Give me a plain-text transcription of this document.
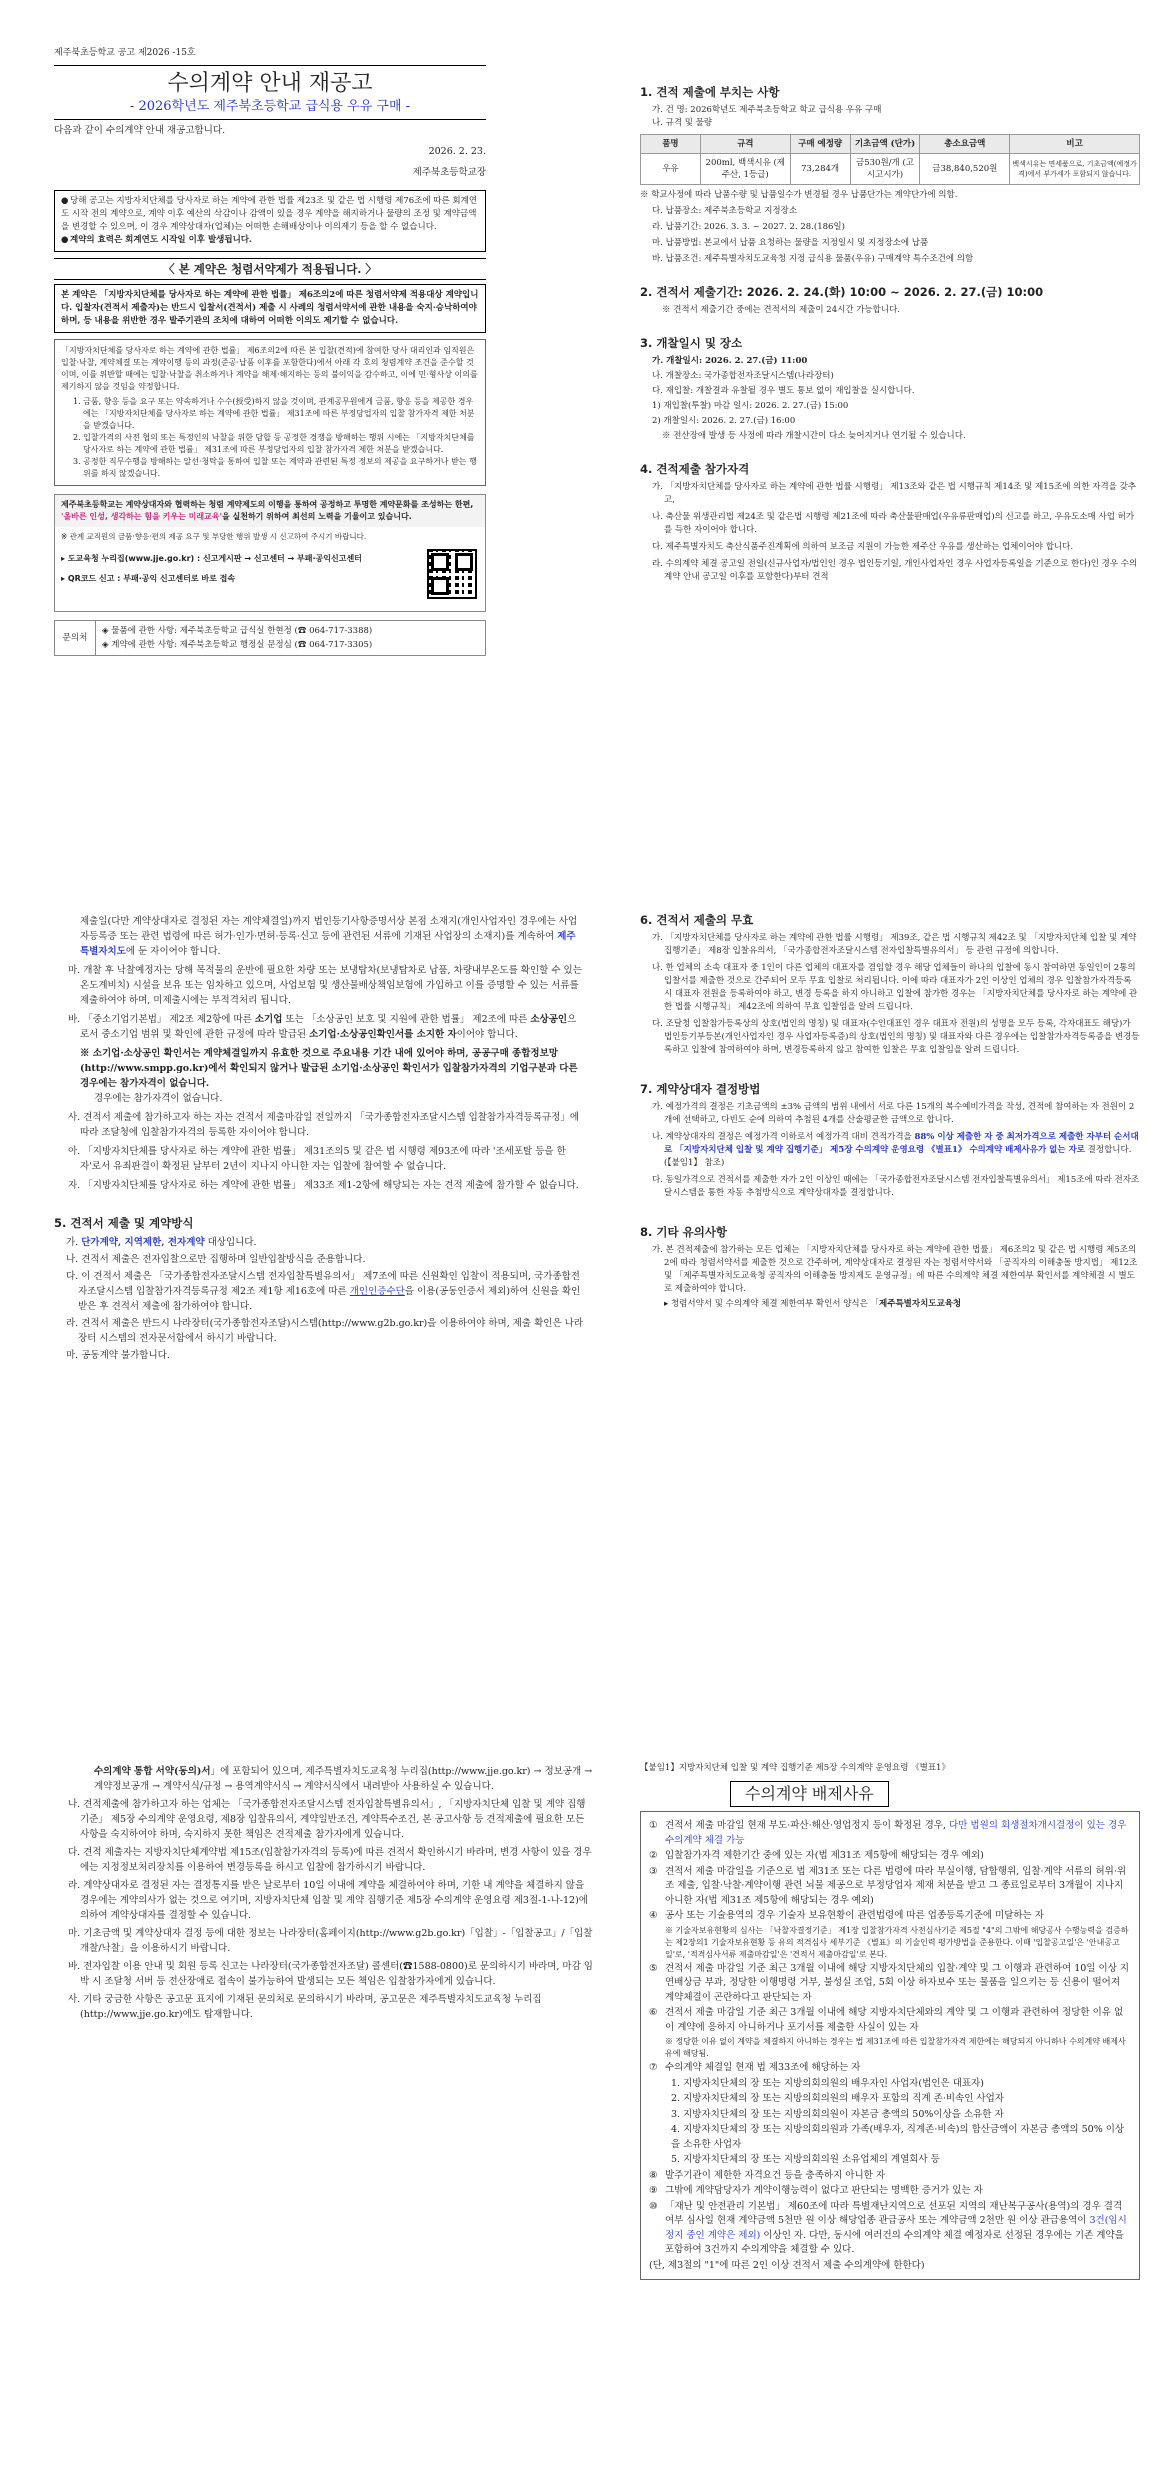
제주북초등학교 공고 제2026 -15호
수의계약 안내 재공고
- 2026학년도 제주북초등학교 급식용 우유 구매 -
다음과 같이 수의계약 안내 재공고합니다.
2026. 2. 23.
제주북초등학교장
● 당해 공고는 지방자치단체를 당사자로 하는 계약에 관한 법률 제23조 및 같은 법 시행령 제76조에 따른 회계연도 시작 전의 계약으로, 계약 이후 예산의 삭감이나 감액이 있을 경우 계약을 해지하거나 물량의 조정 및 계약금액을 변경할 수 있으며, 이 경우 계약상대자(업체)는 어떠한 손해배상이나 이의제기 등을 할 수 없습니다.
● 계약의 효력은 회계연도 시작일 이후 발생됩니다.
〈 본 계약은 청렴서약제가 적용됩니다. 〉
본 계약은 「지방자치단체를 당사자로 하는 계약에 관한 법률」 제6조의2에 따른 청렴서약제 적용대상 계약입니다. 입찰자(견적서 제출자)는 반드시 입찰서(견적서) 제출 시 사례의 청렴서약서에 관한 내용을 숙지·승낙하여야 하며, 등 내용을 위반한 경우 발주기관의 조치에 대하여 어떠한 이의도 제기할 수 없습니다.
「지방자치단체를 당사자로 하는 계약에 관한 법률」 제6조의2에 따른 본 입찰(견적)에 참여한 당사 대리인과 임직원은 입찰·낙찰, 계약체결 또는 계약이행 등의 과정(준공·납품 이후를 포함한다)에서 아래 각 호의 청렴계약 조건을 준수할 것이며, 이를 위반할 때에는 입찰·낙찰을 취소하거나 계약을 해제·해지하는 등의 불이익을 감수하고, 이에 민·형사상 이의를 제기하지 않을 것임을 약정합니다.
1. 금품, 향응 등을 요구 또는 약속하거나 수수(授受)하지 않을 것이며, 관계공무원에게 금품, 향응 등을 제공한 경우에는 「지방자치단체를 당사자로 하는 계약에 관한 법률」 제31조에 따른 부정당업자의 입찰 참가자격 제한 처분을 받겠습니다.
2. 입찰가격의 사전 협의 또는 특정인의 낙찰을 위한 담합 등 공정한 경쟁을 방해하는 행위 시에는 「지방자치단체를 당사자로 하는 계약에 관한 법률」 제31조에 따른 부정당업자의 입찰 참가자격 제한 처분을 받겠습니다.
3. 공정한 직무수행을 방해하는 알선·청탁을 통하여 입찰 또는 계약과 관련된 특정 정보의 제공을 요구하거나 받는 행위를 하지 않겠습니다.
제주북초등학교는 계약상대자와 협력하는 청렴 계약제도의 이행을 통하여 공정하고 투명한 계약문화를 조성하는 한편, '올바른 인성, 생각하는 힘을 키우는 미래교육'을 실천하기 위하여 최선의 노력을 기울이고 있습니다.
※ 관계 교직원의 금품·향응·편의 제공 요구 및 부당한 행위 발생 시 신고하여 주시기 바랍니다.
▸ 도교육청 누리집(www.jje.go.kr) : 신고게시판 → 신고센터 → 부패·공익신고센터
▸ QR코드 신고 : 부패·공익 신고센터로 바로 접속
문의처
◈ 물품에 관한 사항: 제주북초등학교 급식실 한현정 (☎ 064-717-3388)
◈ 계약에 관한 사항: 제주북초등학교 행정실 문정심 (☎ 064-717-3305)
1. 견적 제출에 부치는 사항
가. 건 명: 2026학년도 제주북초등학교 학교 급식용 우유 구매
나. 규격 및 물량
품명	규격	구매 예정량	기초금액 (단가)	총소요금액	비고
우유	200ml, 백색시유 (제주산, 1등급)	73,284개	금530원/개 (고시고시가)	금38,840,520원	백색시유는 면세품으로, 기초금액(예정가격)에서 부가세가 포함되지 않습니다.
※ 학교사정에 따라 납품수량 및 납품일수가 변경될 경우 납품단가는 계약단가에 의함.
다. 납품장소: 제주북초등학교 지정장소
라. 납품기간: 2026. 3. 3. ~ 2027. 2. 28.(186일)
마. 납품방법: 본교에서 납품 요청하는 물량을 지정일시 및 지정장소에 납품
바. 납품조건: 제주특별자치도교육청 지정 급식용 물품(우유) 구매계약 특수조건에 의함
2. 견적서 제출기간: 2026. 2. 24.(화) 10:00 ~ 2026. 2. 27.(금) 10:00
※ 견적서 제출기간 중에는 견적서의 제출이 24시간 가능합니다.
3. 개찰일시 및 장소
가. 개찰일시: 2026. 2. 27.(금) 11:00
나. 개찰장소: 국가종합전자조달시스템(나라장터)
다. 재입찰: 개찰결과 유찰될 경우 별도 통보 없이 재입찰을 실시합니다.
1) 재입찰(투찰) 마감 일시: 2026. 2. 27.(금) 15:00
2) 개찰일시: 2026. 2. 27.(금) 16:00
※ 전산장애 발생 등 사정에 따라 개찰시간이 다소 늦어지거나 연기될 수 있습니다.
4. 견적제출 참가자격
가. 「지방자치단체를 당사자로 하는 계약에 관한 법률 시행령」 제13조와 같은 법 시행규칙 제14조 및 제15조에 의한 자격을 갖추고,
나. 축산물 위생관리법 제24조 및 같은법 시행령 제21조에 따라 축산물판매업(우유류판매업)의 신고를 하고, 우유도소매 사업 허가를 득한 자이어야 합니다.
다. 제주특별자치도 축산식품주진계획에 의하여 보조금 지원이 가능한 제주산 우유를 생산하는 업체이어야 합니다.
라. 수의계약 체결 공고일 전일(신규사업자/법인인 경우 법인등기일, 개인사업자인 경우 사업자등록일을 기준으로 한다)인 경우 수의계약 안내 공고일 이후를 포함한다)부터 견적
제출일(다만 계약상대자로 결정된 자는 계약체결일)까지 법인등기사항증명서상 본점 소재지(개인사업자인 경우에는 사업자등록증 또는 관련 법령에 따른 허가·인가·면허·등록·신고 등에 관련된 서류에 기재된 사업장의 소재지)를 계속하여 제주특별자치도에 둔 자이어야 합니다.
마. 개찰 후 낙찰예정자는 당해 목적물의 운반에 필요한 차량 또는 보냉탑차(보냉탑차로 납품, 차량내부온도를 확인할 수 있는 온도계비치) 시설을 보유 또는 임차하고 있으며, 사업보험 및 생산물배상책임보험에 가입하고 이를 증명할 수 있는 서류를 제출하여야 하며, 미제출시에는 부적격처리 됩니다.
바. 「중소기업기본법」 제2조 제2항에 따른 소기업 또는 「소상공인 보호 및 지원에 관한 법률」 제2조에 따른 소상공인으로서 중소기업 범위 및 확인에 관한 규정에 따라 발급된 소기업·소상공인확인서를 소지한 자이어야 합니다.
※ 소기업·소상공인 확인서는 계약체결일까지 유효한 것으로 주요내용 기간 내에 있어야 하며, 공공구매 종합정보망(http://www.smpp.go.kr)에서 확인되지 않거나 발급된 소기업·소상공인 확인서가 입찰참가자격의 기업구분과 다른 경우에는 참가자격이 없습니다.
경우에는 참가자격이 없습니다.
사. 견적서 제출에 참가하고자 하는 자는 견적서 제출마감일 전일까지 「국가종합전자조달시스템 입찰참가자격등록규정」에 따라 조달청에 입찰참가자격의 등록한 자이어야 합니다.
아. 「지방자치단체를 당사자로 하는 계약에 관한 법률」 제31조의5 및 같은 법 시행령 제93조에 따라 '조세포탈 등을 한 자'로서 유죄판결이 확정된 날부터 2년이 지나지 아니한 자는 입찰에 참여할 수 없습니다.
자. 「지방자치단체를 당사자로 하는 계약에 관한 법률」 제33조 제1-2항에 해당되는 자는 견적 제출에 참가할 수 없습니다.
5. 견적서 제출 및 계약방식
가. 단가계약, 지역제한, 전자계약 대상입니다.
나. 견적서 제출은 전자입찰으로만 집행하며 일반입찰방식을 준용합니다.
다. 이 견적서 제출은 「국가종합전자조달시스템 전자입찰특별유의서」 제7조에 따른 신원확인 입찰이 적용되며, 국가종합전자조달시스템 입찰참가자격등록규정 제2조 제1항 제16호에 따른 개인인증수단을 이용(공동인증서 제외)하여 신원을 확인받은 후 견적서 제출에 참가하여야 합니다.
라. 견적서 제출은 반드시 나라장터(국가종합전자조달)시스템(http://www.g2b.go.kr)을 이용하여야 하며, 제출 확인은 나라장터 시스템의 전자문서함에서 하시기 바랍니다.
마. 공동계약 불가합니다.
6. 견적서 제출의 무효
가. 「지방자치단체를 당사자로 하는 계약에 관한 법률 시행령」 제39조, 같은 법 시행규칙 제42조 및 「지방자치단체 입찰 및 계약 집행기준」 제8장 입찰유의서, 「국가종합전자조달시스템 전자입찰특별유의서」 등 관련 규정에 의합니다.
나. 한 업체의 소속 대표자 중 1인이 다른 업체의 대표자를 겸임할 경우 해당 업체들이 하나의 입찰에 동시 참여하면 동일인이 2통의 입찰서를 제출한 것으로 간주되어 모두 무효 입찰로 처리됩니다. 이에 따라 대표자가 2인 이상인 업체의 경우 입찰참가자격등록 시 대표자 전원을 등록하여야 하고, 변경 등록을 하지 아니하고 입찰에 참가한 경우는 「지방자치단체를 당사자로 하는 계약에 관한 법률 시행규칙」 제42조에 의하여 무효 입찰임을 알려 드립니다.
다. 조달청 입찰참가등록상의 상호(법인의 명칭) 및 대표자(수인대표인 경우 대표자 전원)의 성명을 모두 등록, 각자대표도 해당)가 법인등기부등본(개인사업자인 경우 사업자등록증)의 상호(법인의 명칭) 및 대표자와 다른 경우에는 입찰참가자격등록증을 변경등록하고 입찰에 참여하여야 하며, 변경등록하지 않고 참여한 입찰은 무효 입찰임을 알려 드립니다.
7. 계약상대자 결정방법
가. 예정가격의 결정은 기초금액의 ±3% 금액의 범위 내에서 서로 다른 15개의 복수예비가격을 작성, 견적에 참여하는 자 전원이 2개에 선택하고, 다빈도 순에 의하여 추첨된 4개를 산술평균한 금액으로 합니다.
나. 계약상대자의 결정은 예정가격 이하로서 예정가격 대비 견적가격을 88% 이상 제출한 자 중 최저가격으로 제출한 자부터 순서대로 「지방자치단체 입찰 및 계약 집행기준」 제5장 수의계약 운영요령 《별표1》 수의계약 배제사유가 없는 자로 결정합니다. (【붙임1】 참조)
다. 동일가격으로 견적서를 제출한 자가 2인 이상인 때에는 「국가종합전자조달시스템 전자입찰특별유의서」 제15조에 따라 전자조달시스템을 통한 자동 추첨방식으로 계약상대자를 결정합니다.
8. 기타 유의사항
가. 본 견적제출에 참가하는 모든 업체는 「지방자치단체를 당사자로 하는 계약에 관한 법률」 제6조의2 및 같은 법 시행령 제5조의2에 따라 청렴서약서를 제출한 것으로 간주하며, 계약상대자로 결정된 자는 청렴서약서와 「공직자의 이해충돌 방지법」 제12조 및 「제주특별자치도교육청 공직자의 이해충돌 방지제도 운영규정」에 따른 수의계약 체결 제한여부 확인서를 계약체결 시 별도로 제출하여야 합니다.
▸ 청렴서약서 및 수의계약 체결 제한여부 확인서 양식은 「제주특별자치도교육청
수의계약 통합 서약(동의)서」에 포함되어 있으며, 제주특별자치도교육청 누리집(http://www.jje.go.kr) → 정보공개 → 계약정보공개 → 계약서식/규정 → 용역계약서식 → 계약서식에서 내려받아 사용하실 수 있습니다.
나. 견적제출에 참가하고자 하는 업체는 「국가종합전자조달시스템 전자입찰특별유의서」, 「지방자치단체 입찰 및 계약 집행기준」 제5장 수의계약 운영요령, 제8장 입찰유의서, 계약일반조건, 계약특수조건, 본 공고사항 등 견적제출에 필요한 모든 사항을 숙지하여야 하며, 숙지하지 못한 책임은 견적제출 참가자에게 있습니다.
다. 견적 제출자는 지방자치단체계약법 제15조(입찰참가자격의 등록)에 따른 견적서 확인하시기 바라며, 변경 사항이 있을 경우에는 지정정보처리장치를 이용하여 변경등록을 하시고 입찰에 참가하시기 바랍니다.
라. 계약상대자로 결정된 자는 결정통지를 받은 날로부터 10일 이내에 계약을 체결하여야 하며, 기한 내 계약을 체결하지 않을 경우에는 계약의사가 없는 것으로 여기며, 지방자치단체 입찰 및 계약 집행기준 제5장 수의계약 운영요령 제3절-1-나-12)에 의하여 계약상대자를 결정할 수 있습니다.
마. 기초금액 및 계약상대자 결정 등에 대한 정보는 나라장터(홈페이지(http://www.g2b.go.kr)「입찰」-「입찰공고」/「입찰개찰/낙찰」을 이용하시기 바랍니다.
바. 전자입찰 이용 안내 및 회원 등록 신고는 나라장터(국가종합전자조달) 콜센터(☎1588-0800)로 문의하시기 바라며, 마감 임박 시 조달청 서버 등 전산장애로 접속이 불가능하여 발생되는 모든 책임은 입찰참가자에게 있습니다.
사. 기타 궁금한 사항은 공고문 표지에 기재된 문의처로 문의하시기 바라며, 공고문은 제주특별자치도교육청 누리집(http://www.jje.go.kr)에도 탑재합니다.
【붙임1】지방자치단체 입찰 및 계약 집행기준 제5장 수의계약 운영요령 《별표1》
수의계약 배제사유
① 견적서 제출 마감일 현재 부도·파산·해산·영업정지 등이 확정된 경우, 다만 법원의 회생절차개시결정이 있는 경우 수의계약 체결 가능
② 입찰참가자격 제한기간 중에 있는 자(법 제31조 제5항에 해당되는 경우 예외)
③ 견적서 제출 마감일을 기준으로 법 제31조 또는 다른 법령에 따라 부실이행, 담합행위, 입찰·계약 서류의 허위·위조 제출, 입찰·낙찰·계약이행 관련 뇌물 제공으로 부정당업자 제재 처분을 받고 그 종료일로부터 3개월이 지나지 아니한 자(법 제31조 제5항에 해당되는 경우 예외)
④ 공사 또는 기술용역의 경우 기술자 보유현황이 관련법령에 따른 업종등록기준에 미달하는 자
※ 기술자보유현황의 심사는 「낙찰자결정기준」 제1장 입찰참가자격 사전심사기준 제5절 "4"의 그밖에 해당공사 수행능력을 검증하는 제2장의1 기술자보유현황 등 유의 적격심사 세부기준 《별표》의 기술인력 평가방법을 준용한다. 이때 '입찰공고일'은 '안내공고일'로, '적격심사서류 제출마감일'은 '견적서 제출마감일'로 본다.
⑤ 견적서 제출 마감일 기준 최근 3개월 이내에 해당 지방자치단체의 입찰·계약 및 그 이행과 관련하여 10일 이상 지연배상금 부과, 정당한 이행명령 거부, 불성실 조업, 5회 이상 하자보수 또는 물품을 일으키는 등 신용이 떨어져 계약체결이 곤란하다고 판단되는 자
⑥ 견적서 제출 마감일 기준 최근 3개월 이내에 해당 지방자치단체와의 계약 및 그 이행과 관련하여 정당한 이유 없이 계약에 응하지 아니하거나 포기서를 제출한 사실이 있는 자
※ 정당한 이유 없이 계약을 체결하지 아니하는 경우는 법 제31조에 따른 입찰참가자격 제한에는 해당되지 아니하나 수의계약 배제사유에 해당됨.
⑦ 수의계약 체결일 현재 법 제33조에 해당하는 자
1. 지방자치단체의 장 또는 지방의회의원의 배우자인 사업자(법인은 대표자)
2. 지방자치단체의 장 또는 지방의회의원의 배우자 포함의 직계 존·비속인 사업자
3. 지방자치단체의 장 또는 지방의회의원이 자본금 총액의 50%이상을 소유한 자
4. 지방자치단체의 장 또는 지방의회의원과 가족(배우자, 직계존·비속)의 합산금액이 자본금 총액의 50% 이상을 소유한 사업자
5. 지방자치단체의 장 또는 지방의회의원 소유업체의 계열회사 등
⑧ 발주기관이 제한한 자격요건 등을 충족하지 아니한 자
⑨ 그밖에 계약담당자가 계약이행능력이 없다고 판단되는 명백한 증거가 있는 자
⑩ 「재난 및 안전관리 기본법」 제60조에 따라 특별재난지역으로 선포된 지역의 재난복구공사(용역)의 경우 결격여부 심사일 현재 계약금액 5천만 원 이상 해당업종 관급공사 또는 계약금액 2천만 원 이상 관급용역이 3건(임시 정지 중인 계약은 제외) 이상인 자. 다만, 동시에 여러건의 수의계약 체결 예정자로 선정된 경우에는 기존 계약을 포함하여 3건까지 수의계약을 체결할 수 있다.
(단, 제3절의 "1"에 따른 2인 이상 견적서 제출 수의계약에 한한다)
